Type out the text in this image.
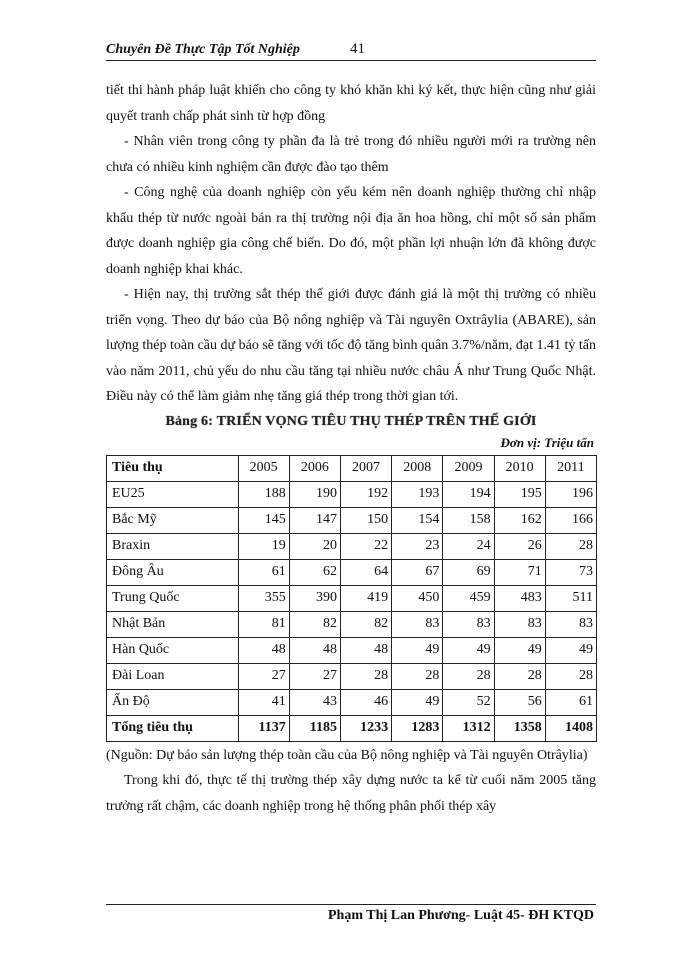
Chuyên Đề Thực Tập Tốt Nghiệp	41

tiết thi hành pháp luật khiến cho công ty khó khăn khi ký kết, thực hiện cũng như giải quyết tranh chấp phát sinh từ hợp đồng

- Nhân viên trong công ty phần đa là trẻ trong đó nhiều người mới ra trường nên chưa có nhiều kinh nghiệm cần được đào tạo thêm

- Công nghệ của doanh nghiệp còn yếu kém nên doanh nghiệp thường chỉ nhập khẩu thép từ nước ngoài bán ra thị trường nội địa ăn hoa hồng, chỉ một số sản phẩm được doanh nghiệp gia công chế biến. Do đó, một phần lợi nhuận lớn đã không được doanh nghiệp khai khác.

- Hiện nay, thị trường sắt thép thế giới được đánh giá là một thị trường có nhiều triển vọng. Theo dự báo của Bộ nông nghiệp và Tài nguyên Oxtrâylia (ABARE), sản lượng thép toàn cầu dự báo sẽ tăng với tốc độ tăng bình quân 3.7%/năm, đạt 1.41 tỷ tấn vào năm 2011, chủ yếu do nhu cầu tăng tại nhiều nước châu Á như Trung Quốc Nhật. Điều này có thể làm giảm nhẹ tăng giá thép trong thời gian tới.

Bảng 6: TRIỂN VỌNG TIÊU THỤ THÉP TRÊN THẾ GIỚI
Đơn vị: Triệu tấn
Tiêu thụ	2005	2006	2007	2008	2009	2010	2011
EU25	188	190	192	193	194	195	196
Bắc Mỹ	145	147	150	154	158	162	166
Braxin	19	20	22	23	24	26	28
Đông Âu	61	62	64	67	69	71	73
Trung Quốc	355	390	419	450	459	483	511
Nhật Bản	81	82	82	83	83	83	83
Hàn Quốc	48	48	48	49	49	49	49
Đài Loan	27	27	28	28	28	28	28
Ấn Độ	41	43	46	49	52	56	61
Tổng tiêu thụ	1137	1185	1233	1283	1312	1358	1408

(Nguồn: Dự báo sản lượng thép toàn cầu của Bộ nông nghiệp và Tài nguyên Otrâylia)

Trong khi đó, thực tế thị trường thép xây dựng nước ta kể từ cuối năm 2005 tăng trưởng rất chậm, các doanh nghiệp trong hệ thống phân phối thép xây

Phạm Thị Lan Phương- Luật 45- ĐH KTQD
